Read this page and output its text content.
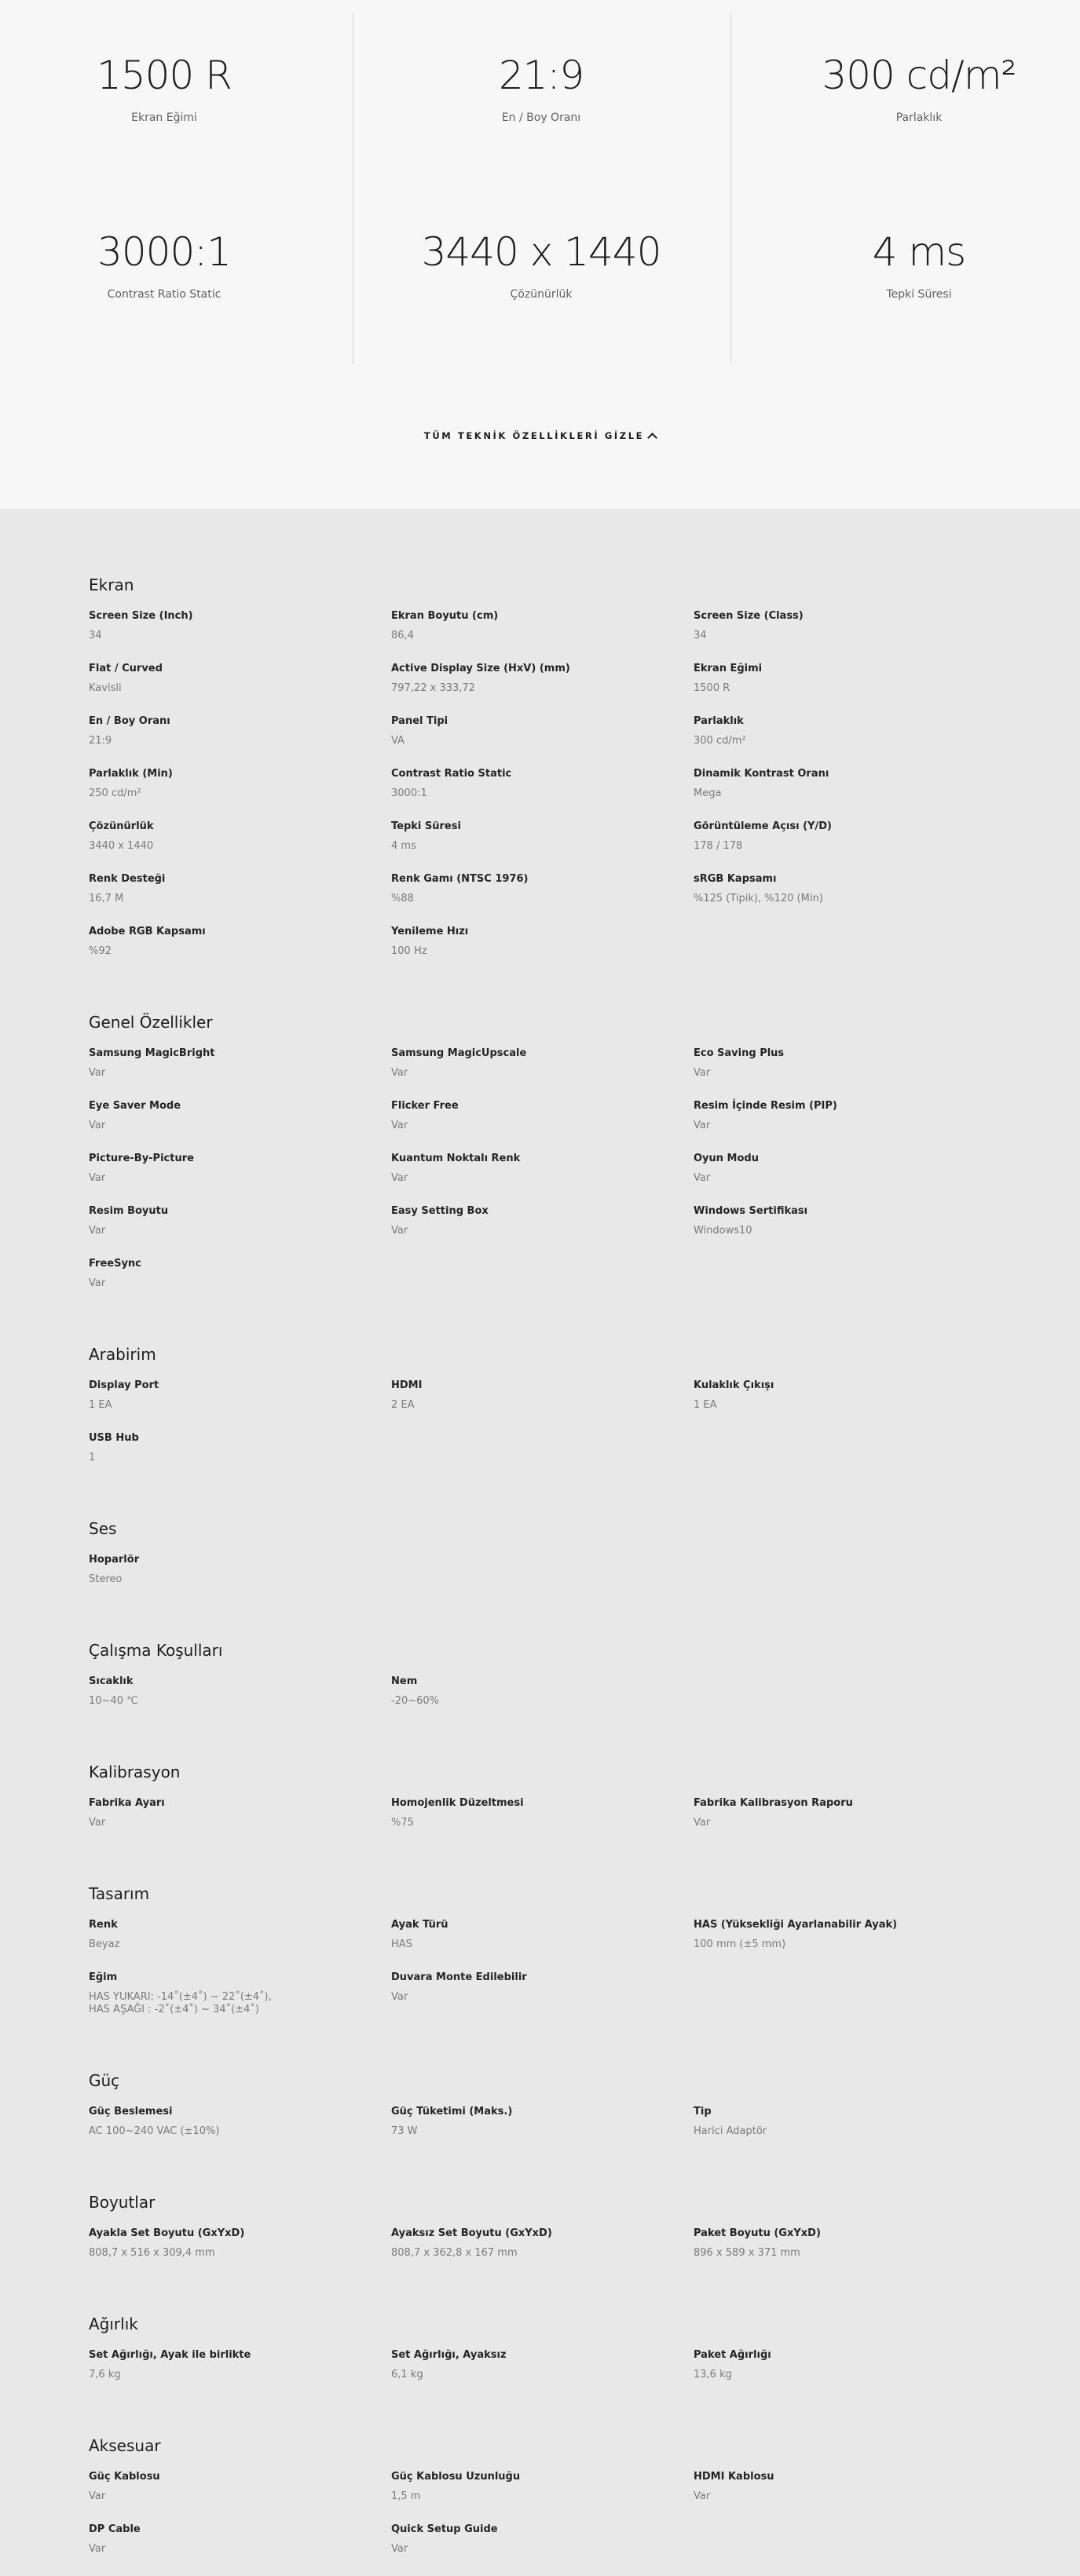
1500 R
Ekran Eğimi
21:9
En / Boy Oranı
300 cd/m²
Parlaklık
3000:1
Contrast Ratio Static
3440 x 1440
Çözünürlük
4 ms
Tepki Süresi
TÜM TEKNİK ÖZELLİKLERİ GİZLE
Ekran
Screen Size (Inch)
34
Ekran Boyutu (cm)
86,4
Screen Size (Class)
34
Flat / Curved
Kavisli
Active Display Size (HxV) (mm)
797,22 x 333,72
Ekran Eğimi
1500 R
En / Boy Oranı
21:9
Panel Tipi
VA
Parlaklık
300 cd/m²
Parlaklık (Min)
250 cd/m²
Contrast Ratio Static
3000:1
Dinamik Kontrast Oranı
Mega
Çözünürlük
3440 x 1440
Tepki Süresi
4 ms
Görüntüleme Açısı (Y/D)
178 / 178
Renk Desteği
16,7 M
Renk Gamı (NTSC 1976)
%88
sRGB Kapsamı
%125 (Tipik), %120 (Min)
Adobe RGB Kapsamı
%92
Yenileme Hızı
100 Hz
Genel Özellikler
Samsung MagicBright
Var
Samsung MagicUpscale
Var
Eco Saving Plus
Var
Eye Saver Mode
Var
Flicker Free
Var
Resim İçinde Resim (PIP)
Var
Picture-By-Picture
Var
Kuantum Noktalı Renk
Var
Oyun Modu
Var
Resim Boyutu
Var
Easy Setting Box
Var
Windows Sertifikası
Windows10
FreeSync
Var
Arabirim
Display Port
1 EA
HDMI
2 EA
Kulaklık Çıkışı
1 EA
USB Hub
1
Ses
Hoparlör
Stereo
Çalışma Koşulları
Sıcaklık
10~40 ℃
Nem
-20~60%
Kalibrasyon
Fabrika Ayarı
Var
Homojenlik Düzeltmesi
%75
Fabrika Kalibrasyon Raporu
Var
Tasarım
Renk
Beyaz
Ayak Türü
HAS
HAS (Yüksekliği Ayarlanabilir Ayak)
100 mm (±5 mm)
Eğim
HAS YUKARI: -14˚(±4˚) ~ 22˚(±4˚),
HAS AŞAĞI : -2˚(±4˚) ~ 34˚(±4˚)
Duvara Monte Edilebilir
Var
Güç
Güç Beslemesi
AC 100~240 VAC (±10%)
Güç Tüketimi (Maks.)
73 W
Tip
Harici Adaptör
Boyutlar
Ayakla Set Boyutu (GxYxD)
808,7 x 516 x 309,4 mm
Ayaksız Set Boyutu (GxYxD)
808,7 x 362,8 x 167 mm
Paket Boyutu (GxYxD)
896 x 589 x 371 mm
Ağırlık
Set Ağırlığı, Ayak ile birlikte
7,6 kg
Set Ağırlığı, Ayaksız
6,1 kg
Paket Ağırlığı
13,6 kg
Aksesuar
Güç Kablosu
Var
Güç Kablosu Uzunluğu
1,5 m
HDMI Kablosu
Var
DP Cable
Var
Quick Setup Guide
Var
